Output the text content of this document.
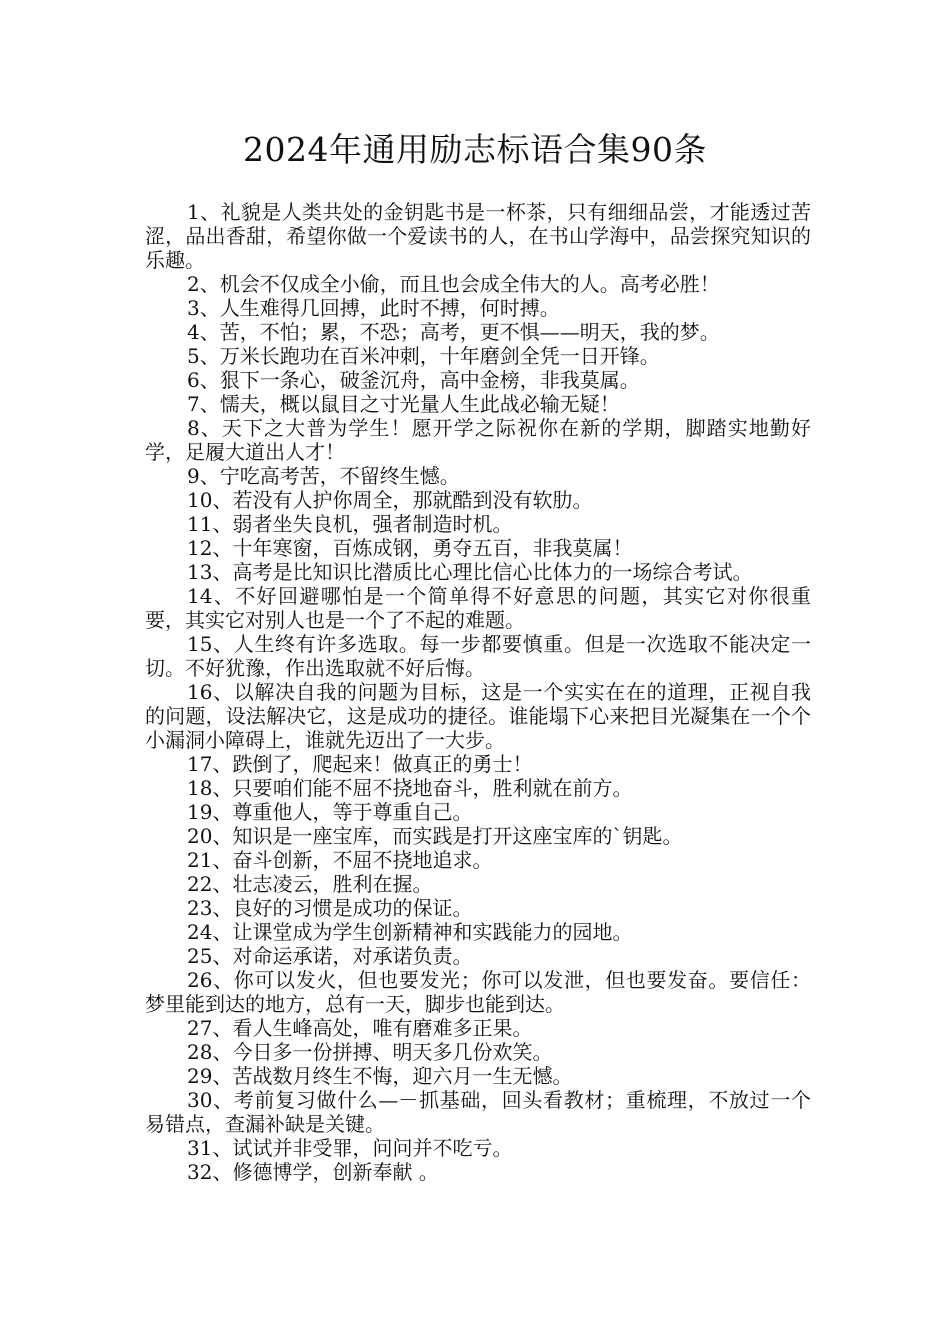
2024年通用励志标语合集90条
1、礼貌是人类共处的金钥匙书是一杯茶，只有细细品尝，才能透过苦涩，品出香甜，希望你做一个爱读书的人，在书山学海中，品尝探究知识的乐趣。
2、机会不仅成全小偷，而且也会成全伟大的人。高考必胜！
3、人生难得几回搏，此时不搏，何时搏。
4、苦，不怕；累，不恐；高考，更不惧——明天，我的梦。
5、万米长跑功在百米冲刺，十年磨剑全凭一日开锋。
6、狠下一条心，破釜沉舟，高中金榜，非我莫属。
7、懦夫，概以鼠目之寸光量人生此战必输无疑！
8、天下之大普为学生！愿开学之际祝你在新的学期，脚踏实地勤好学，足履大道出人才！
9、宁吃高考苦，不留终生憾。
10、若没有人护你周全，那就酷到没有软肋。
11、弱者坐失良机，强者制造时机。
12、十年寒窗，百炼成钢，勇夺五百，非我莫属！
13、高考是比知识比潜质比心理比信心比体力的一场综合考试。
14、不好回避哪怕是一个简单得不好意思的问题，其实它对你很重要，其实它对别人也是一个了不起的难题。
15、人生终有许多选取。每一步都要慎重。但是一次选取不能决定一切。不好犹豫，作出选取就不好后悔。
16、以解决自我的问题为目标，这是一个实实在在的道理，正视自我的问题，设法解决它，这是成功的捷径。谁能塌下心来把目光凝集在一个个小漏洞小障碍上，谁就先迈出了一大步。
17、跌倒了，爬起来！做真正的勇士！
18、只要咱们能不屈不挠地奋斗，胜利就在前方。
19、尊重他人，等于尊重自己。
20、知识是一座宝库，而实践是打开这座宝库的`钥匙。
21、奋斗创新，不屈不挠地追求。
22、壮志凌云，胜利在握。
23、良好的习惯是成功的保证。
24、让课堂成为学生创新精神和实践能力的园地。
25、对命运承诺，对承诺负责。
26、你可以发火，但也要发光；你可以发泄，但也要发奋。要信任：梦里能到达的地方，总有一天，脚步也能到达。
27、看人生峰高处，唯有磨难多正果。
28、今日多一份拼搏、明天多几份欢笑。
29、苦战数月终生不悔，迎六月一生无憾。
30、考前复习做什么—－抓基础，回头看教材；重梳理，不放过一个易错点，查漏补缺是关键。
31、试试并非受罪，问问并不吃亏。
32、修德博学，创新奉献 。
